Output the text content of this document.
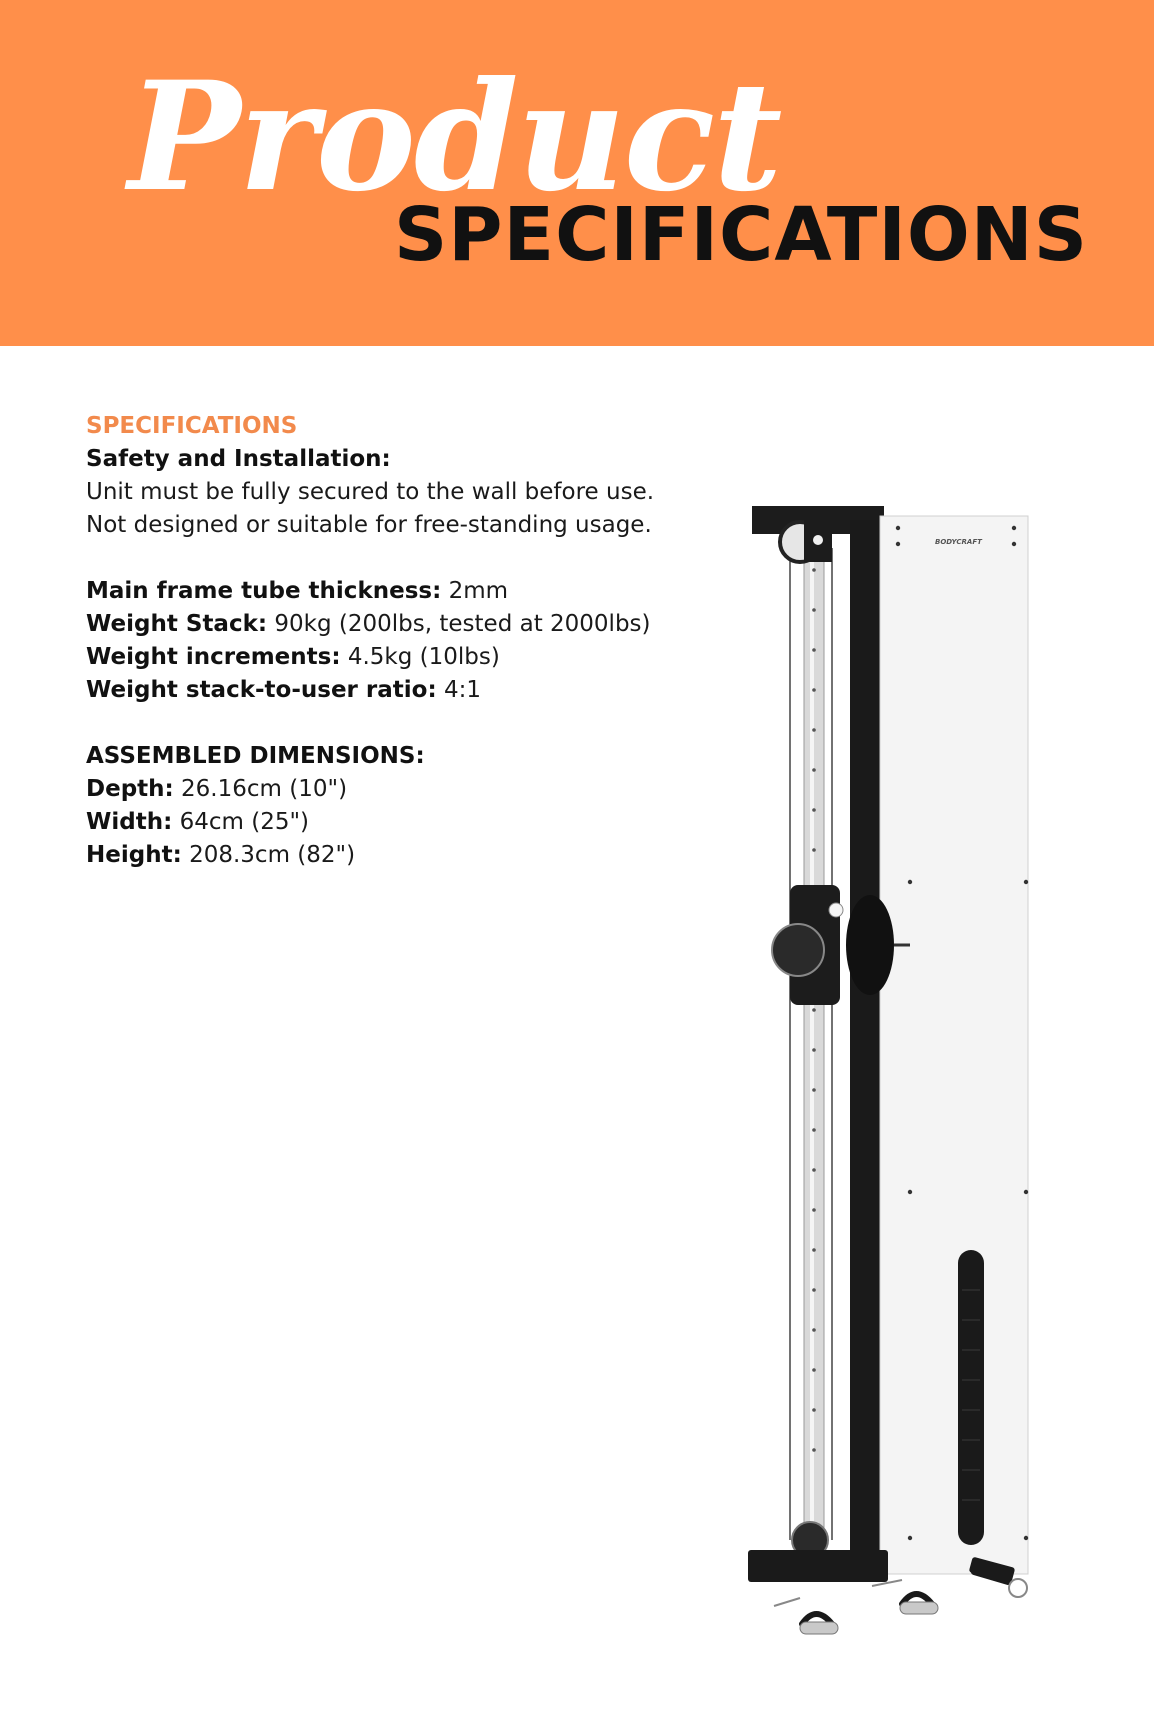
Product
SPECIFICATIONS
SPECIFICATIONS
Safety and Installation:
Unit must be fully secured to the wall before use.
Not designed or suitable for free-standing usage.
Main frame tube thickness: 2mm
Weight Stack: 90kg (200lbs, tested at 2000lbs)
Weight increments: 4.5kg (10lbs)
Weight stack-to-user ratio: 4:1
ASSEMBLED DIMENSIONS:
Depth: 26.16cm (10")
Width: 64cm (25")
Height: 208.3cm (82")
BODYCRAFT
